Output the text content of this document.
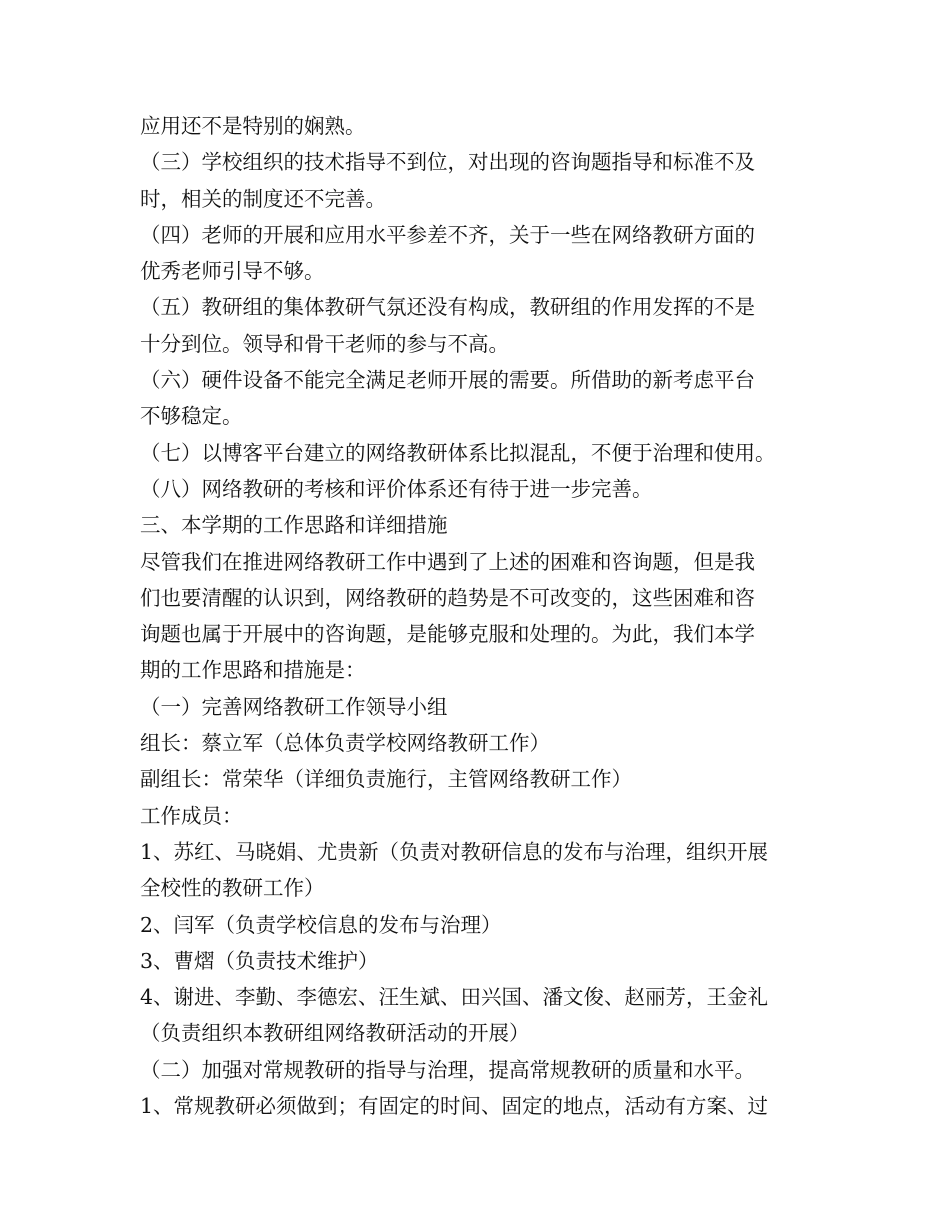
应用还不是特别的娴熟。
（三）学校组织的技术指导不到位，对出现的咨询题指导和标准不及
时，相关的制度还不完善。
（四）老师的开展和应用水平参差不齐，关于一些在网络教研方面的
优秀老师引导不够。
（五）教研组的集体教研气氛还没有构成，教研组的作用发挥的不是
十分到位。领导和骨干老师的参与不高。
（六）硬件设备不能完全满足老师开展的需要。所借助的新考虑平台
不够稳定。
（七）以博客平台建立的网络教研体系比拟混乱，不便于治理和使用。
（八）网络教研的考核和评价体系还有待于进一步完善。
三、本学期的工作思路和详细措施
尽管我们在推进网络教研工作中遇到了上述的困难和咨询题，但是我
们也要清醒的认识到，网络教研的趋势是不可改变的，这些困难和咨
询题也属于开展中的咨询题，是能够克服和处理的。为此，我们本学
期的工作思路和措施是：
（一）完善网络教研工作领导小组
组长：蔡立军（总体负责学校网络教研工作）
副组长：常荣华（详细负责施行，主管网络教研工作）
工作成员：
1、苏红、马晓娟、尤贵新（负责对教研信息的发布与治理，组织开展
全校性的教研工作）
2、闫军（负责学校信息的发布与治理）
3、曹熠（负责技术维护）
4、谢进、李勤、李德宏、汪生斌、田兴国、潘文俊、赵丽芳，王金礼
（负责组织本教研组网络教研活动的开展）
（二）加强对常规教研的指导与治理，提高常规教研的质量和水平。
1、常规教研必须做到；有固定的时间、固定的地点，活动有方案、过
